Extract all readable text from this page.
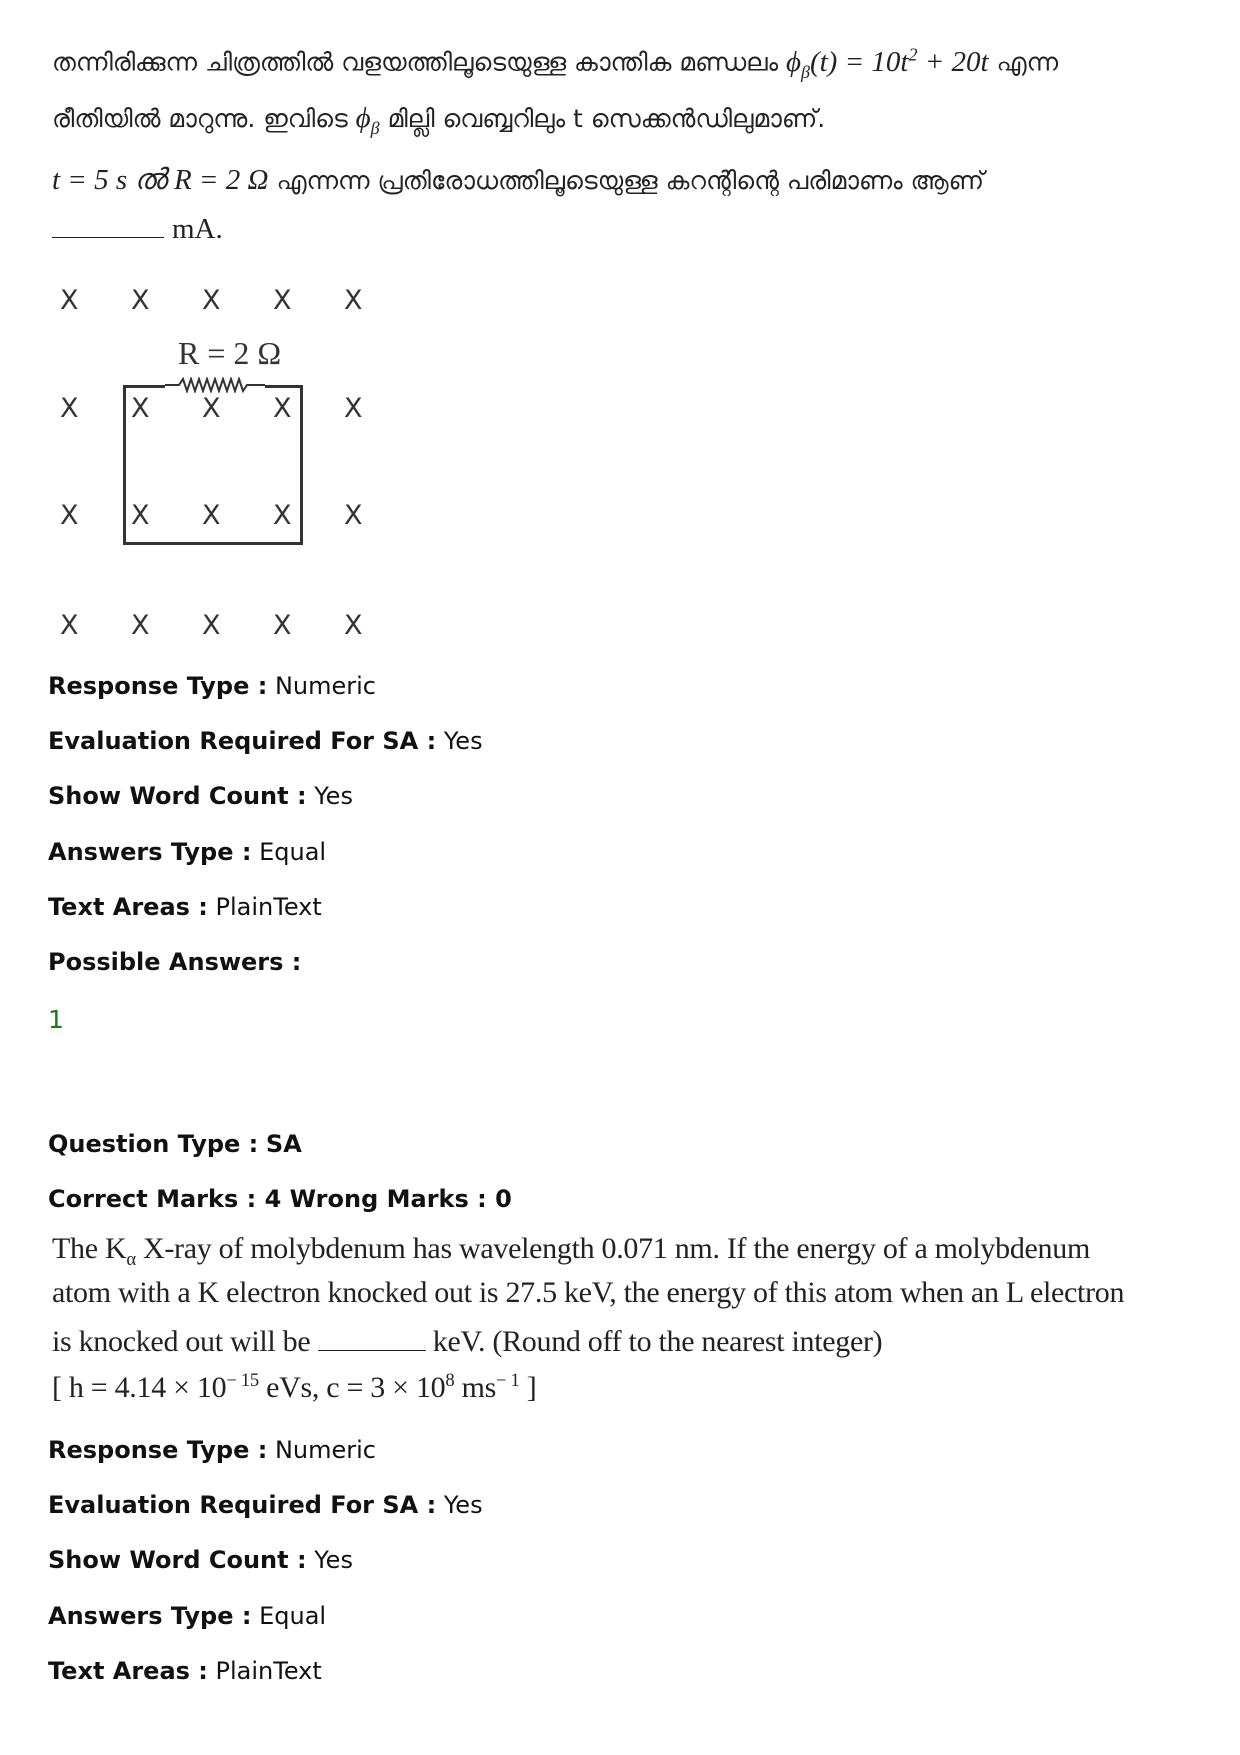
തന്നിരിക്കുന്ന ചിത്രത്തിൽ വളയത്തിലൂടെയുള്ള കാന്തിക മണ്ഡലം $\phi_\beta(t) = 10t^2 + 20t$ എന്ന
രീതിയിൽ മാറുന്നു. ഇവിടെ $\phi_\beta$ മില്ലി വെബ്ബറിലും t സെക്കൻഡിലുമാണ്.
t = 5 s ൽ R = 2 Ω എന്നന്ന പ്രതിരോധത്തിലൂടെയുള്ള കറന്റിന്റെ പരിമാണം ആണ്
mA.
X X X X X
R = 2 Ω
X X X X X
X X X X X
X X X X X
Response Type : Numeric
Evaluation Required For SA : Yes
Show Word Count : Yes
Answers Type : Equal
Text Areas : PlainText
Possible Answers :
1
Question Type : SA
Correct Marks : 4 Wrong Marks : 0
The $K_\alpha$ X-ray of molybdenum has wavelength 0.071 nm. If the energy of a molybdenum
atom with a K electron knocked out is 27.5 keV, the energy of this atom when an L electron
is knocked out will be	keV. (Round off to the nearest integer)
[ $h = 4.14 \times 10^{- 15}$ eVs, $c = 3 \times 10^8$ $ms^{- 1}$ ]
Response Type : Numeric
Evaluation Required For SA : Yes
Show Word Count : Yes
Answers Type : Equal
Text Areas : PlainText
